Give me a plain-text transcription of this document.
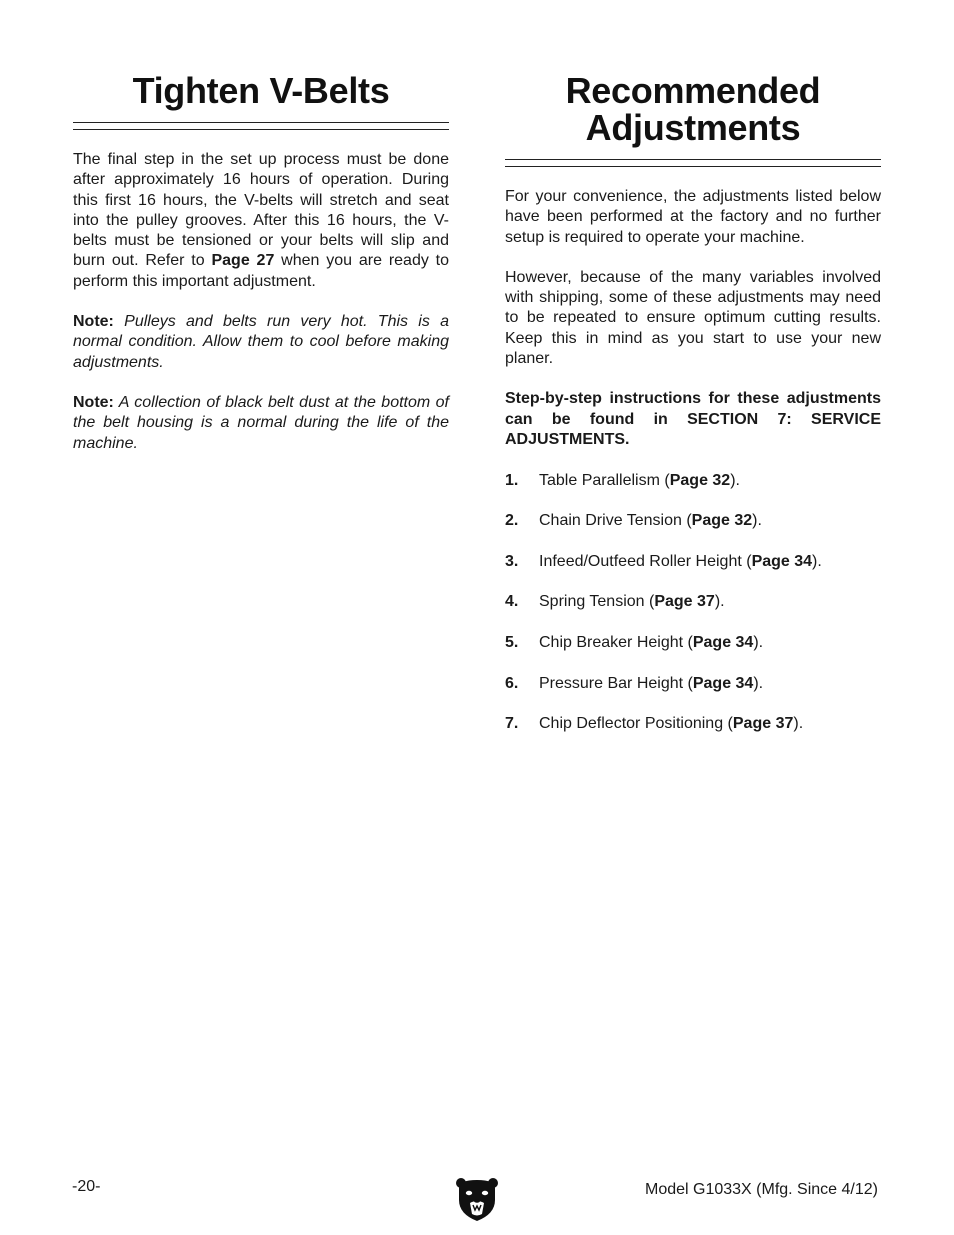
Tighten V-Belts

The final step in the set up process must be done after approximately 16 hours of operation. During this first 16 hours, the V-belts will stretch and seat into the pulley grooves. After this 16 hours, the V-belts must be tensioned or your belts will slip and burn out. Refer to Page 27 when you are ready to perform this important adjustment.

Note: Pulleys and belts run very hot. This is a normal condition. Allow them to cool before making adjustments.

Note: A collection of black belt dust at the bottom of the belt housing is a normal during the life of the machine.

Recommended
Adjustments

For your convenience, the adjustments listed below have been performed at the factory and no further setup is required to operate your machine.

However, because of the many variables involved with shipping, some of these adjustments may need to be repeated to ensure optimum cutting results. Keep this in mind as you start to use your new planer.

Step-by-step instructions for these adjustments can be found in SECTION 7: SERVICE ADJUSTMENTS.

1.	Table Parallelism (Page 32).
2.	Chain Drive Tension (Page 32).
3.	Infeed/Outfeed Roller Height (Page 34).
4.	Spring Tension (Page 37).
5.	Chip Breaker Height (Page 34).
6.	Pressure Bar Height (Page 34).
7.	Chip Deflector Positioning (Page 37).
-20-	Model G1033X (Mfg. Since 4/12)
